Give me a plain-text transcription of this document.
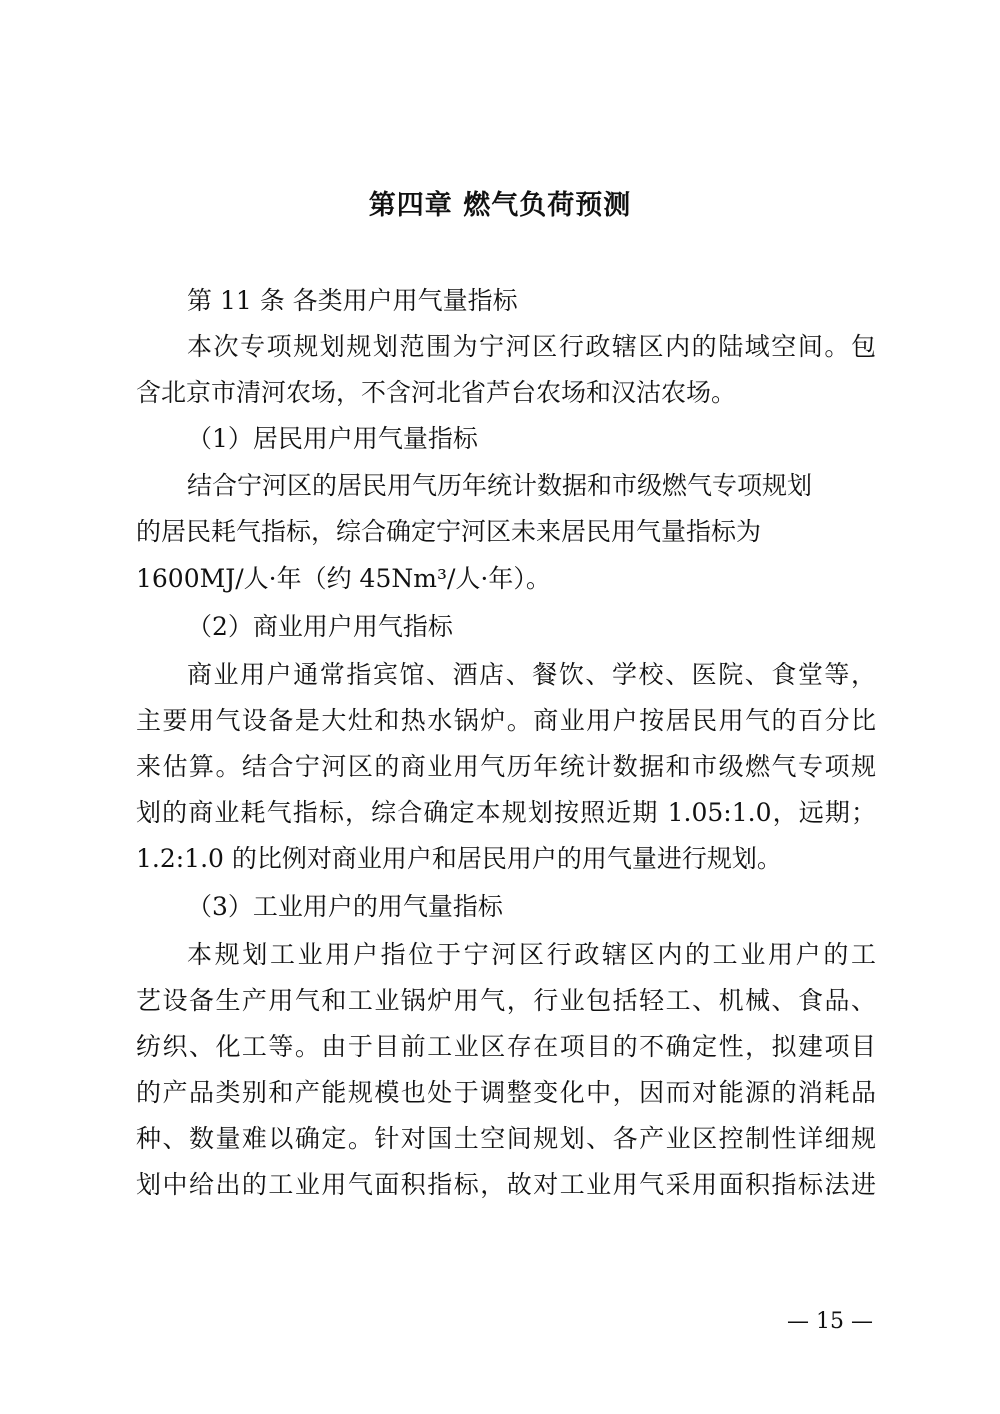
第四章 燃气负荷预测

第 11 条 各类用户用气量指标

本次专项规划规划范围为宁河区行政辖区内的陆域空间。包

含北京市清河农场，不含河北省芦台农场和汉沽农场。

（1）居民用户用气量指标

结合宁河区的居民用气历年统计数据和市级燃气专项规划

的居民耗气指标，综合确定宁河区未来居民用气量指标为

1600MJ/人·年（约 45Nm³/人·年）。

（2）商业用户用气指标

商业用户通常指宾馆、酒店、餐饮、学校、医院、食堂等，

主要用气设备是大灶和热水锅炉。商业用户按居民用气的百分比

来估算。结合宁河区的商业用气历年统计数据和市级燃气专项规

划的商业耗气指标，综合确定本规划按照近期 1.05:1.0，远期；

1.2:1.0 的比例对商业用户和居民用户的用气量进行规划。

（3）工业用户的用气量指标

本规划工业用户指位于宁河区行政辖区内的工业用户的工

艺设备生产用气和工业锅炉用气，行业包括轻工、机械、食品、

纺织、化工等。由于目前工业区存在项目的不确定性，拟建项目

的产品类别和产能规模也处于调整变化中，因而对能源的消耗品

种、数量难以确定。针对国土空间规划、各产业区控制性详细规

划中给出的工业用气面积指标，故对工业用气采用面积指标法进

— 15 —
